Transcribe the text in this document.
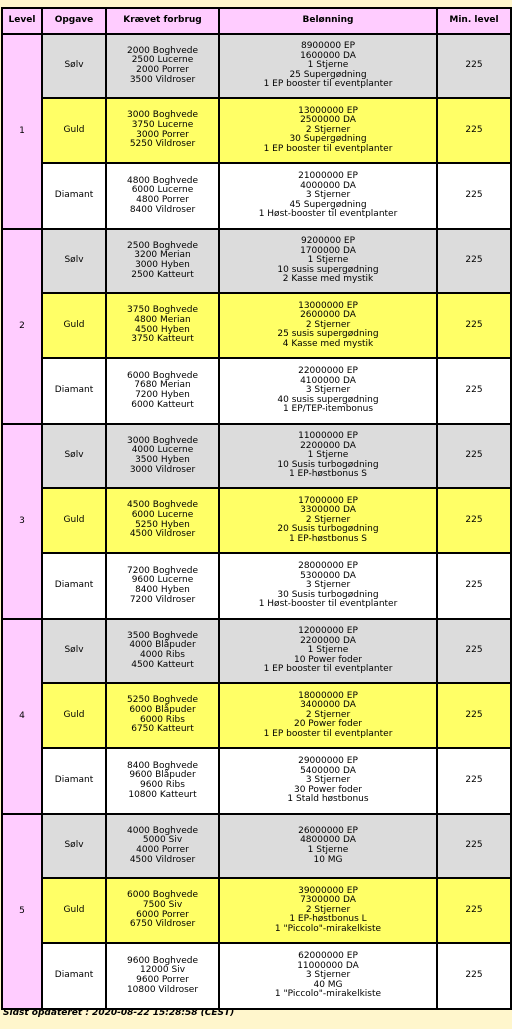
Level	Opgave	Krævet forbrug	Belønning	Min. level
1	Sølv	2000 Boghvede
2500 Lucerne
2000 Porrer
3500 Vildroser	8900000 EP
1600000 DA
1 Stjerne
25 Supergødning
1 EP booster til eventplanter	225
	Guld	3000 Boghvede
3750 Lucerne
3000 Porrer
5250 Vildroser	13000000 EP
2500000 DA
2 Stjerner
30 Supergødning
1 EP booster til eventplanter	225
	Diamant	4800 Boghvede
6000 Lucerne
4800 Porrer
8400 Vildroser	21000000 EP
4000000 DA
3 Stjerner
45 Supergødning
1 Høst-booster til eventplanter	225
2	Sølv	2500 Boghvede
3200 Merian
3000 Hyben
2500 Katteurt	9200000 EP
1700000 DA
1 Stjerne
10 susis supergødning
2 Kasse med mystik	225
	Guld	3750 Boghvede
4800 Merian
4500 Hyben
3750 Katteurt	13000000 EP
2600000 DA
2 Stjerner
25 susis supergødning
4 Kasse med mystik	225
	Diamant	6000 Boghvede
7680 Merian
7200 Hyben
6000 Katteurt	22000000 EP
4100000 DA
3 Stjerner
40 susis supergødning
1 EP/TEP-itembonus	225
3	Sølv	3000 Boghvede
4000 Lucerne
3500 Hyben
3000 Vildroser	11000000 EP
2200000 DA
1 Stjerne
10 Susis turbogødning
1 EP-høstbonus S	225
	Guld	4500 Boghvede
6000 Lucerne
5250 Hyben
4500 Vildroser	17000000 EP
3300000 DA
2 Stjerner
20 Susis turbogødning
1 EP-høstbonus S	225
	Diamant	7200 Boghvede
9600 Lucerne
8400 Hyben
7200 Vildroser	28000000 EP
5300000 DA
3 Stjerner
30 Susis turbogødning
1 Høst-booster til eventplanter	225
4	Sølv	3500 Boghvede
4000 Blåpuder
4000 Ribs
4500 Katteurt	12000000 EP
2200000 DA
1 Stjerne
10 Power foder
1 EP booster til eventplanter	225
	Guld	5250 Boghvede
6000 Blåpuder
6000 Ribs
6750 Katteurt	18000000 EP
3400000 DA
2 Stjerner
20 Power foder
1 EP booster til eventplanter	225
	Diamant	8400 Boghvede
9600 Blåpuder
9600 Ribs
10800 Katteurt	29000000 EP
5400000 DA
3 Stjerner
30 Power foder
1 Stald høstbonus	225
5	Sølv	4000 Boghvede
5000 Siv
4000 Porrer
4500 Vildroser	26000000 EP
4800000 DA
1 Stjerne
10 MG	225
	Guld	6000 Boghvede
7500 Siv
6000 Porrer
6750 Vildroser	39000000 EP
7300000 DA
2 Stjerner
1 EP-høstbonus L
1 "Piccolo"-mirakelkiste	225
	Diamant	9600 Boghvede
12000 Siv
9600 Porrer
10800 Vildroser	62000000 EP
11000000 DA
3 Stjerner
40 MG
1 "Piccolo"-mirakelkiste	225
Sidst opdateret : 2020-08-22 15:28:58 (CEST)
